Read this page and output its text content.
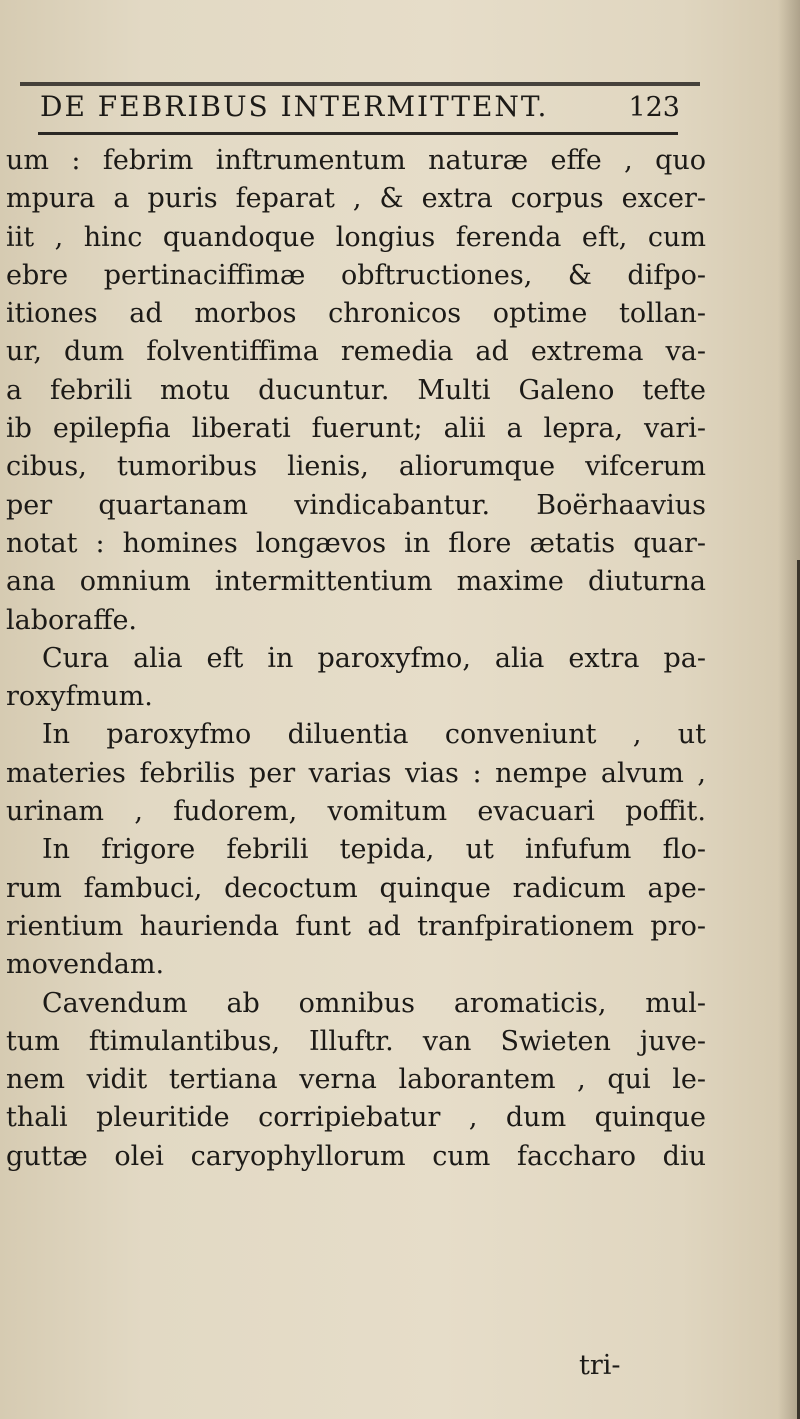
DE FEBRIBUS INTERMITTENT.	123
um : febrim inftrumentum naturæ effe , quo
mpura a puris feparat , & extra corpus excer-
iit , hinc quandoque longius ferenda eft, cum
ebre pertinaciffimæ obftructiones, & difpo-
itiones ad morbos chronicos optime tollan-
ur, dum folventiffima remedia ad extrema va-
a febrili motu ducuntur. Multi Galeno tefte
ib epilepfia liberati fuerunt; alii a lepra, vari-
cibus, tumoribus lienis, aliorumque vifcerum
per quartanam vindicabantur. Boërhaavius
notat : homines longævos in flore ætatis quar-
ana omnium intermittentium maxime diuturna
laboraffe.
Cura alia eft in paroxyfmo, alia extra pa-
roxyfmum.
In paroxyfmo diluentia conveniunt , ut
materies febrilis per varias vias : nempe alvum ,
urinam , fudorem, vomitum evacuari poffit.
In frigore febrili tepida, ut infufum flo-
rum fambuci, decoctum quinque radicum ape-
rientium haurienda funt ad tranfpirationem pro-
movendam.
Cavendum ab omnibus aromaticis, mul-
tum ftimulantibus, Illuftr. van Swieten juve-
nem vidit tertiana verna laborantem , qui le-
thali pleuritide corripiebatur , dum quinque
guttæ olei caryophyllorum cum faccharo diu
tri-
